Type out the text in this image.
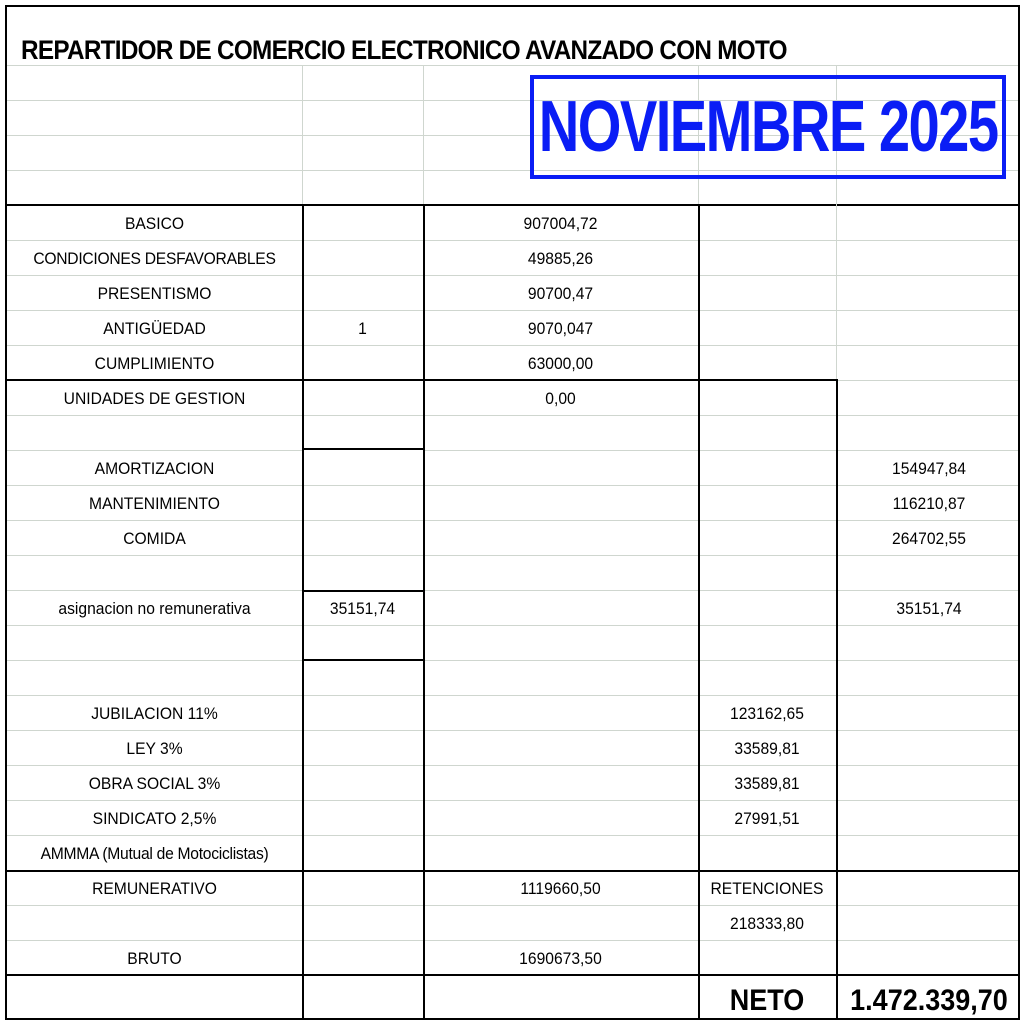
REPARTIDOR DE COMERCIO ELECTRONICO AVANZADO CON MOTO
NOVIEMBRE 2025
BASICO
CONDICIONES DESFAVORABLES
PRESENTISMO
ANTIGÜEDAD
CUMPLIMIENTO
UNIDADES DE GESTION
AMORTIZACION
MANTENIMIENTO
COMIDA
asignacion no remunerativa
JUBILACION 11%
LEY 3%
OBRA SOCIAL 3%
SINDICATO 2,5%
AMMMA (Mutual de Motociclistas)
REMUNERATIVO
BRUTO
1
35151,74
907004,72
49885,26
90700,47
9070,047
63000,00
0,00
1119660,50
1690673,50
123162,65
33589,81
33589,81
27991,51
RETENCIONES
218333,80
154947,84
116210,87
264702,55
35151,74
NETO	1.472.339,70
